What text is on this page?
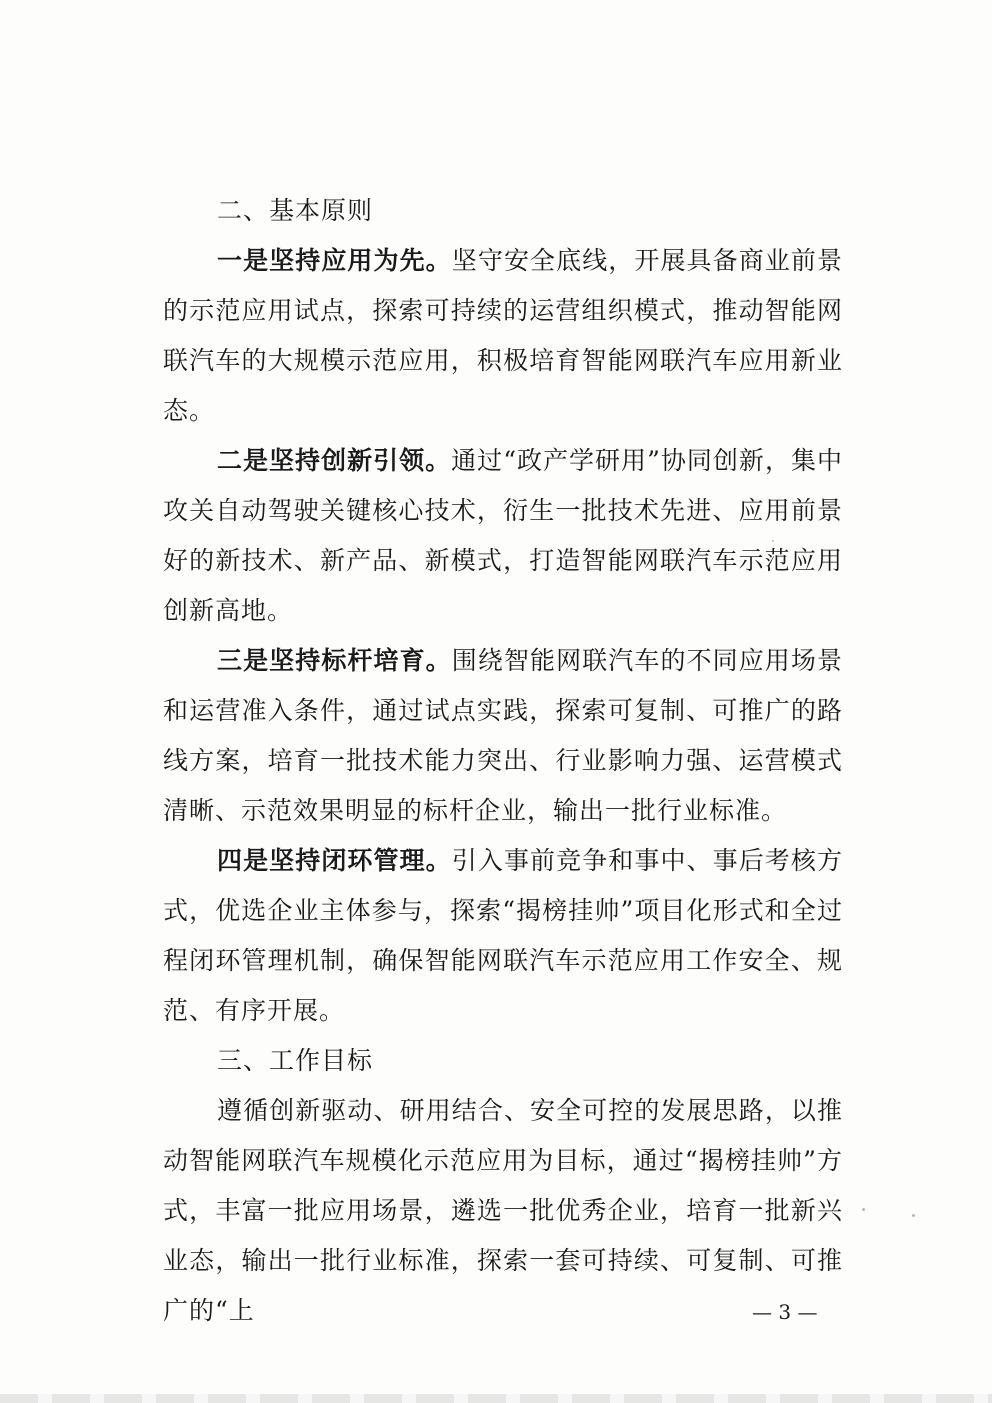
二、基本原则

一是坚持应用为先。坚守安全底线，开展具备商业前景的示范应用试点，探索可持续的运营组织模式，推动智能网联汽车的大规模示范应用，积极培育智能网联汽车应用新业态。

二是坚持创新引领。通过“政产学研用”协同创新，集中攻关自动驾驶关键核心技术，衍生一批技术先进、应用前景好的新技术、新产品、新模式，打造智能网联汽车示范应用创新高地。

三是坚持标杆培育。围绕智能网联汽车的不同应用场景和运营准入条件，通过试点实践，探索可复制、可推广的路线方案，培育一批技术能力突出、行业影响力强、运营模式清晰、示范效果明显的标杆企业，输出一批行业标准。

四是坚持闭环管理。引入事前竞争和事中、事后考核方式，优选企业主体参与，探索“揭榜挂帅”项目化形式和全过程闭环管理机制，确保智能网联汽车示范应用工作安全、规范、有序开展。

三、工作目标

遵循创新驱动、研用结合、安全可控的发展思路，以推动智能网联汽车规模化示范应用为目标，通过“揭榜挂帅”方式，丰富一批应用场景，遴选一批优秀企业，培育一批新兴业态，输出一批行业标准，探索一套可持续、可复制、可推广的“上	— 3 —
